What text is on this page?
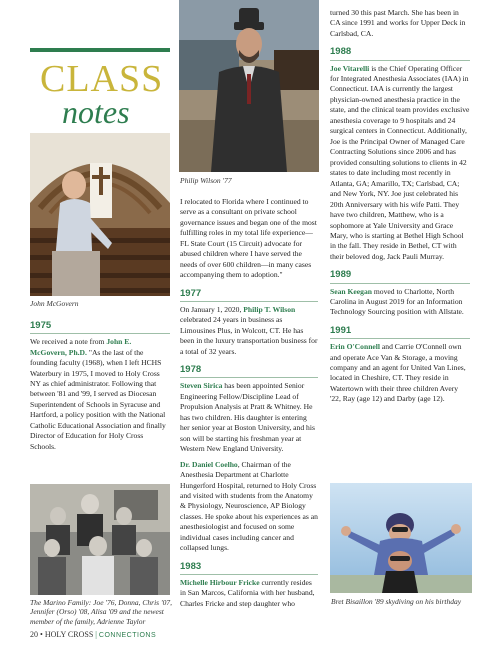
CLASS
notes
John McGovern
1975

We received a note from John E. McGovern, Ph.D. "As the last of the founding faculty (1968), when I left HCHS Waterbury in 1975, I moved to Holy Cross NY as chief administrator. Following that between '81 and '99, I served as Diocesan Superintendent of Schools in Syracuse and Hartford, a policy position with the National Catholic Educational Association and finally Director of Education for Holy Cross Schools.

The Marino Family: Joe '76, Donna, Chris '07, Jennifer (Orso) '08, Alisa '09 and the newest member of the family, Adrienne Taylor
Philip Wilson '77

I relocated to Florida where I continued to serve as a consultant on private school governance issues and began one of the most fulfilling roles in my total life experience—FL State Court (15 Circuit) advocate for abused children where I have served the needs of over 600 children—in many cases accompanying them to adoption."

1977

On January 1, 2020, Philip T. Wilson celebrated 24 years in business as Limousines Plus, in Wolcott, CT. He has been in the luxury transportation business for a total of 32 years.

1978

Steven Sirica has been appointed Senior Engineering Fellow/Discipline Lead of Propulsion Analysis at Pratt & Whitney. He has two children. His daughter is entering her senior year at Boston University, and his son will be starting his freshman year at Western New England University.

Dr. Daniel Coelho, Chairman of the Anesthesia Department at Charlotte Hungerford Hospital, returned to Holy Cross and visited with students from the Anatomy & Physiology, Neuroscience, AP Biology classes. He spoke about his experiences as an anesthesiologist and focused on some individual cases including cancer and collapsed lungs.

1983

Michelle Hirbour Fricke currently resides in San Marcos, California with her husband, Charles Fricke and step daughter who

turned 30 this past March. She has been in CA since 1991 and works for Upper Deck in Carlsbad, CA.

1988

Joe Vitarelli is the Chief Operating Officer for Integrated Anesthesia Associates (IAA) in Connecticut. IAA is currently the largest physician-owned anesthesia practice in the state, and the clinical team provides exclusive anesthesia coverage to 9 hospitals and 24 surgical centers in Connecticut. Additionally, Joe is the Principal Owner of Managed Care Contracting Solutions since 2006 and has provided consulting solutions to clients in 42 states to date including most recently in Atlanta, GA; Amarillo, TX; Carlsbad, CA; and New York, NY. Joe just celebrated his 20th Anniversary with his wife Patti. They have two children, Matthew, who is a sophomore at Yale University and Grace Mary, who is starting at Bethel High School in the fall. They reside in Bethel, CT with their beloved dog, Jack Pauli Murray.

1989

Sean Keegan moved to Charlotte, North Carolina in August 2019 for an Information Technology Sourcing position with Allstate.

1991

Erin O'Connell and Carrie O'Connell own and operate Ace Van & Storage, a moving company and an agent for United Van Lines, located in Cheshire, CT. They reside in Watertown with their three children Avery '22, Ray (age 12) and Darby (age 12).

Bret Bisaillon '89 skydiving on his birthday
20 • HOLY CROSS | CONNECTIONS
